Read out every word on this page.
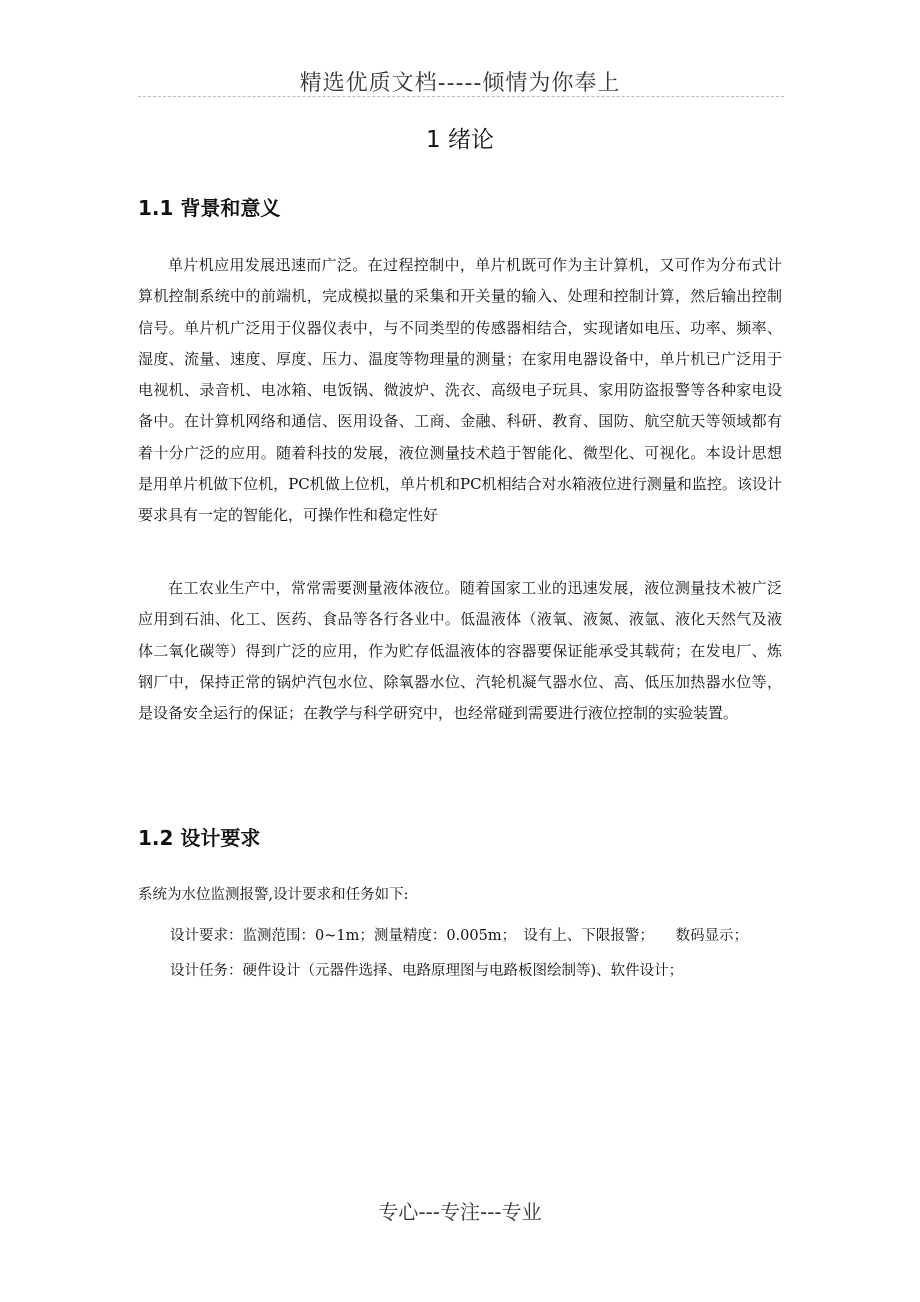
精选优质文档-----倾情为你奉上
1 绪论
1.1 背景和意义

单片机应用发展迅速而广泛。在过程控制中，单片机既可作为主计算机，又可作为分布式计算机控制系统中的前端机，完成模拟量的采集和开关量的输入、处理和控制计算，然后输出控制信号。单片机广泛用于仪器仪表中，与不同类型的传感器相结合，实现诸如电压、功率、频率、湿度、流量、速度、厚度、压力、温度等物理量的测量；在家用电器设备中，单片机已广泛用于电视机、录音机、电冰箱、电饭锅、微波炉、洗衣、高级电子玩具、家用防盗报警等各种家电设备中。在计算机网络和通信、医用设备、工商、金融、科研、教育、国防、航空航天等领域都有着十分广泛的应用。随着科技的发展，液位测量技术趋于智能化、微型化、可视化。本设计思想是用单片机做下位机，PC机做上位机，单片机和PC机相结合对水箱液位进行测量和监控。该设计要求具有一定的智能化，可操作性和稳定性好

在工农业生产中，常常需要测量液体液位。随着国家工业的迅速发展，液位测量技术被广泛应用到石油、化工、医药、食品等各行各业中。低温液体（液氧、液氮、液氩、液化天然气及液体二氧化碳等）得到广泛的应用，作为贮存低温液体的容器要保证能承受其载荷；在发电厂、炼钢厂中，保持正常的锅炉汽包水位、除氧器水位、汽轮机凝气器水位、高、低压加热器水位等，是设备安全运行的保证；在教学与科学研究中，也经常碰到需要进行液位控制的实验装置。

1.2 设计要求
系统为水位监测报警,设计要求和任务如下:
设计要求：监测范围：0~1m；测量精度：0.005m；　设有上、下限报警；　　数码显示；
设计任务：硬件设计（元器件选择、电路原理图与电路板图绘制等)、软件设计；
专心---专注---专业
